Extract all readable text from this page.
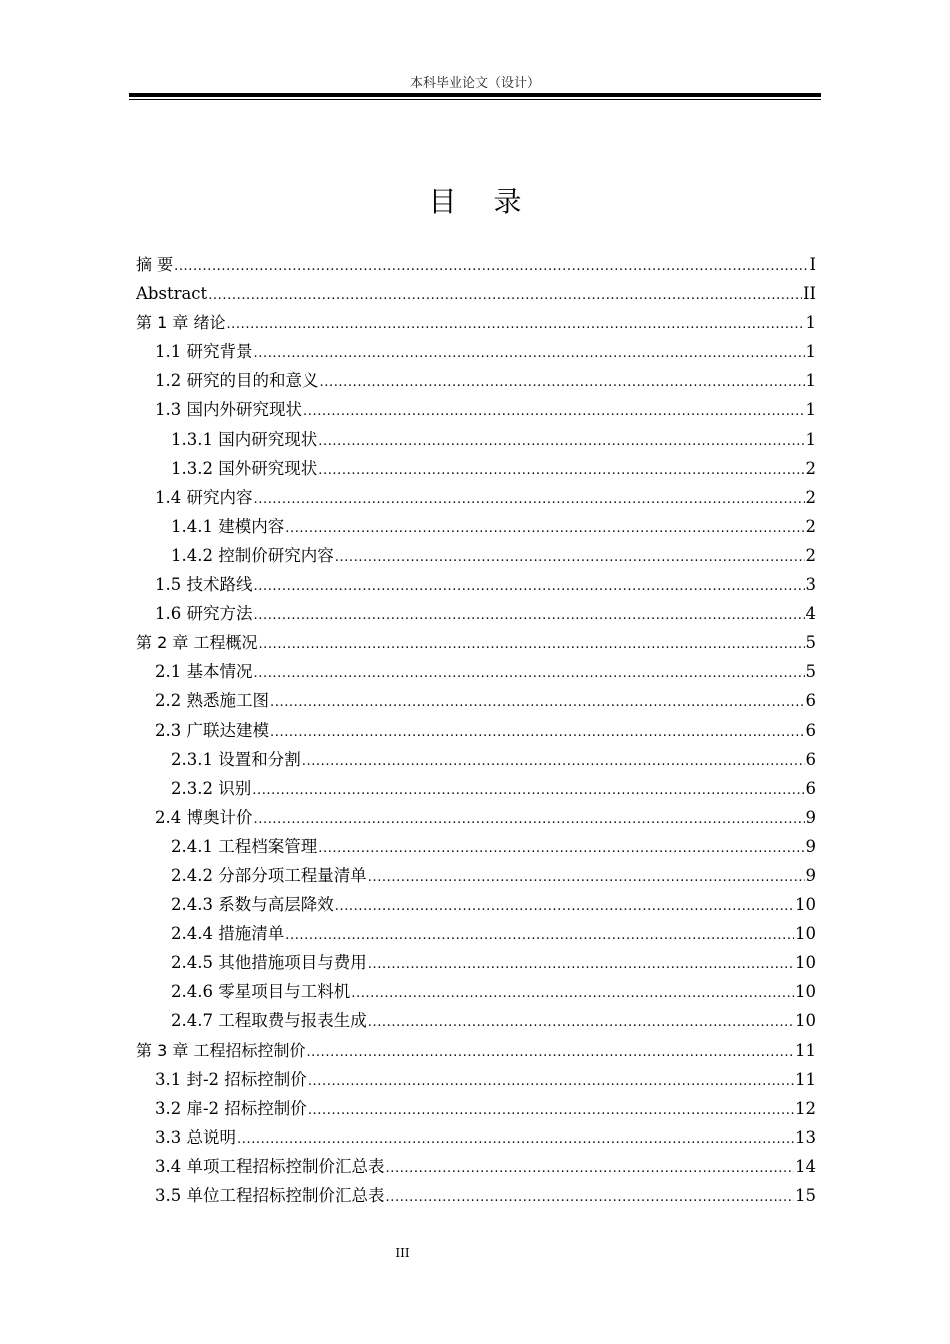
本科毕业论文（设计）
目 录
摘 要 .....	I
Abstract .....	II
第 1 章 绪论 .....	1
1.1 研究背景 .....	1
1.2 研究的目的和意义 .....	1
1.3 国内外研究现状 .....	1
1.3.1 国内研究现状 .....	1
1.3.2 国外研究现状 .....	2
1.4 研究内容 .....	2
1.4.1 建模内容 .....	2
1.4.2 控制价研究内容 .....	2
1.5 技术路线 .....	3
1.6 研究方法 .....	4
第 2 章 工程概况 .....	5
2.1 基本情况 .....	5
2.2 熟悉施工图 .....	6
2.3 广联达建模 .....	6
2.3.1 设置和分割 .....	6
2.3.2 识别 .....	6
2.4 博奥计价 .....	9
2.4.1 工程档案管理 .....	9
2.4.2 分部分项工程量清单 .....	9
2.4.3 系数与高层降效 .....	10
2.4.4 措施清单 .....	10
2.4.5 其他措施项目与费用 .....	10
2.4.6 零星项目与工料机 .....	10
2.4.7 工程取费与报表生成 .....	10
第 3 章 工程招标控制价 .....	11
3.1 封-2 招标控制价 .....	11
3.2 扉-2 招标控制价 .....	12
3.3 总说明 .....	13
3.4 单项工程招标控制价汇总表 .....	14
3.5 单位工程招标控制价汇总表 .....	15
III
